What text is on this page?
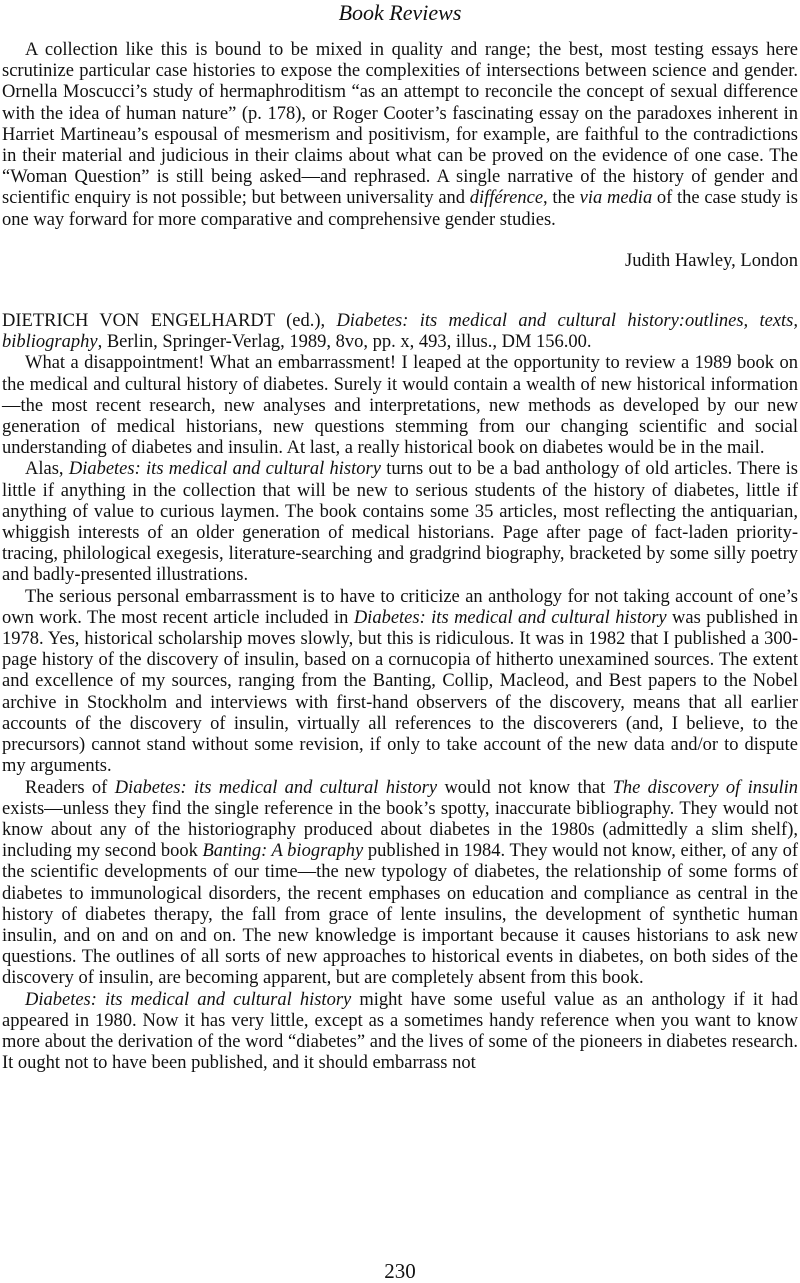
Book Reviews

A collection like this is bound to be mixed in quality and range; the best, most testing essays here scrutinize particular case histories to expose the complexities of intersections between science and gender. Ornella Moscucci’s study of hermaphroditism “as an attempt to reconcile the concept of sexual difference with the idea of human nature” (p. 178), or Roger Cooter’s fascinating essay on the paradoxes inherent in Harriet Martineau’s espousal of mesmerism and positivism, for example, are faithful to the contradictions in their material and judicious in their claims about what can be proved on the evidence of one case. The “Woman Question” is still being asked—and rephrased. A single narrative of the history of gender and scientific enquiry is not possible; but between universality and différence, the via media of the case study is one way forward for more comparative and comprehensive gender studies.

Judith Hawley, London

DIETRICH VON ENGELHARDT (ed.), Diabetes: its medical and cultural history:outlines, texts, bibliography, Berlin, Springer-Verlag, 1989, 8vo, pp. x, 493, illus., DM 156.00.

What a disappointment! What an embarrassment! I leaped at the opportunity to review a 1989 book on the medical and cultural history of diabetes. Surely it would contain a wealth of new historical information—the most recent research, new analyses and interpretations, new methods as developed by our new generation of medical historians, new questions stemming from our changing scientific and social understanding of diabetes and insulin. At last, a really historical book on diabetes would be in the mail.

Alas, Diabetes: its medical and cultural history turns out to be a bad anthology of old articles. There is little if anything in the collection that will be new to serious students of the history of diabetes, little if anything of value to curious laymen. The book contains some 35 articles, most reflecting the antiquarian, whiggish interests of an older generation of medical historians. Page after page of fact-laden priority-tracing, philological exegesis, literature-searching and gradgrind biography, bracketed by some silly poetry and badly-presented illustrations.

The serious personal embarrassment is to have to criticize an anthology for not taking account of one’s own work. The most recent article included in Diabetes: its medical and cultural history was published in 1978. Yes, historical scholarship moves slowly, but this is ridiculous. It was in 1982 that I published a 300-page history of the discovery of insulin, based on a cornucopia of hitherto unexamined sources. The extent and excellence of my sources, ranging from the Banting, Collip, Macleod, and Best papers to the Nobel archive in Stockholm and interviews with first-hand observers of the discovery, means that all earlier accounts of the discovery of insulin, virtually all references to the discoverers (and, I believe, to the precursors) cannot stand without some revision, if only to take account of the new data and/or to dispute my arguments.

Readers of Diabetes: its medical and cultural history would not know that The discovery of insulin exists—unless they find the single reference in the book’s spotty, inaccurate bibliography. They would not know about any of the historiography produced about diabetes in the 1980s (admittedly a slim shelf), including my second book Banting: A biography published in 1984. They would not know, either, of any of the scientific developments of our time—the new typology of diabetes, the relationship of some forms of diabetes to immunological disorders, the recent emphases on education and compliance as central in the history of diabetes therapy, the fall from grace of lente insulins, the development of synthetic human insulin, and on and on and on. The new knowledge is important because it causes historians to ask new questions. The outlines of all sorts of new approaches to historical events in diabetes, on both sides of the discovery of insulin, are becoming apparent, but are completely absent from this book.

Diabetes: its medical and cultural history might have some useful value as an anthology if it had appeared in 1980. Now it has very little, except as a sometimes handy reference when you want to know more about the derivation of the word “diabetes” and the lives of some of the pioneers in diabetes research. It ought not to have been published, and it should embarrass not

230
